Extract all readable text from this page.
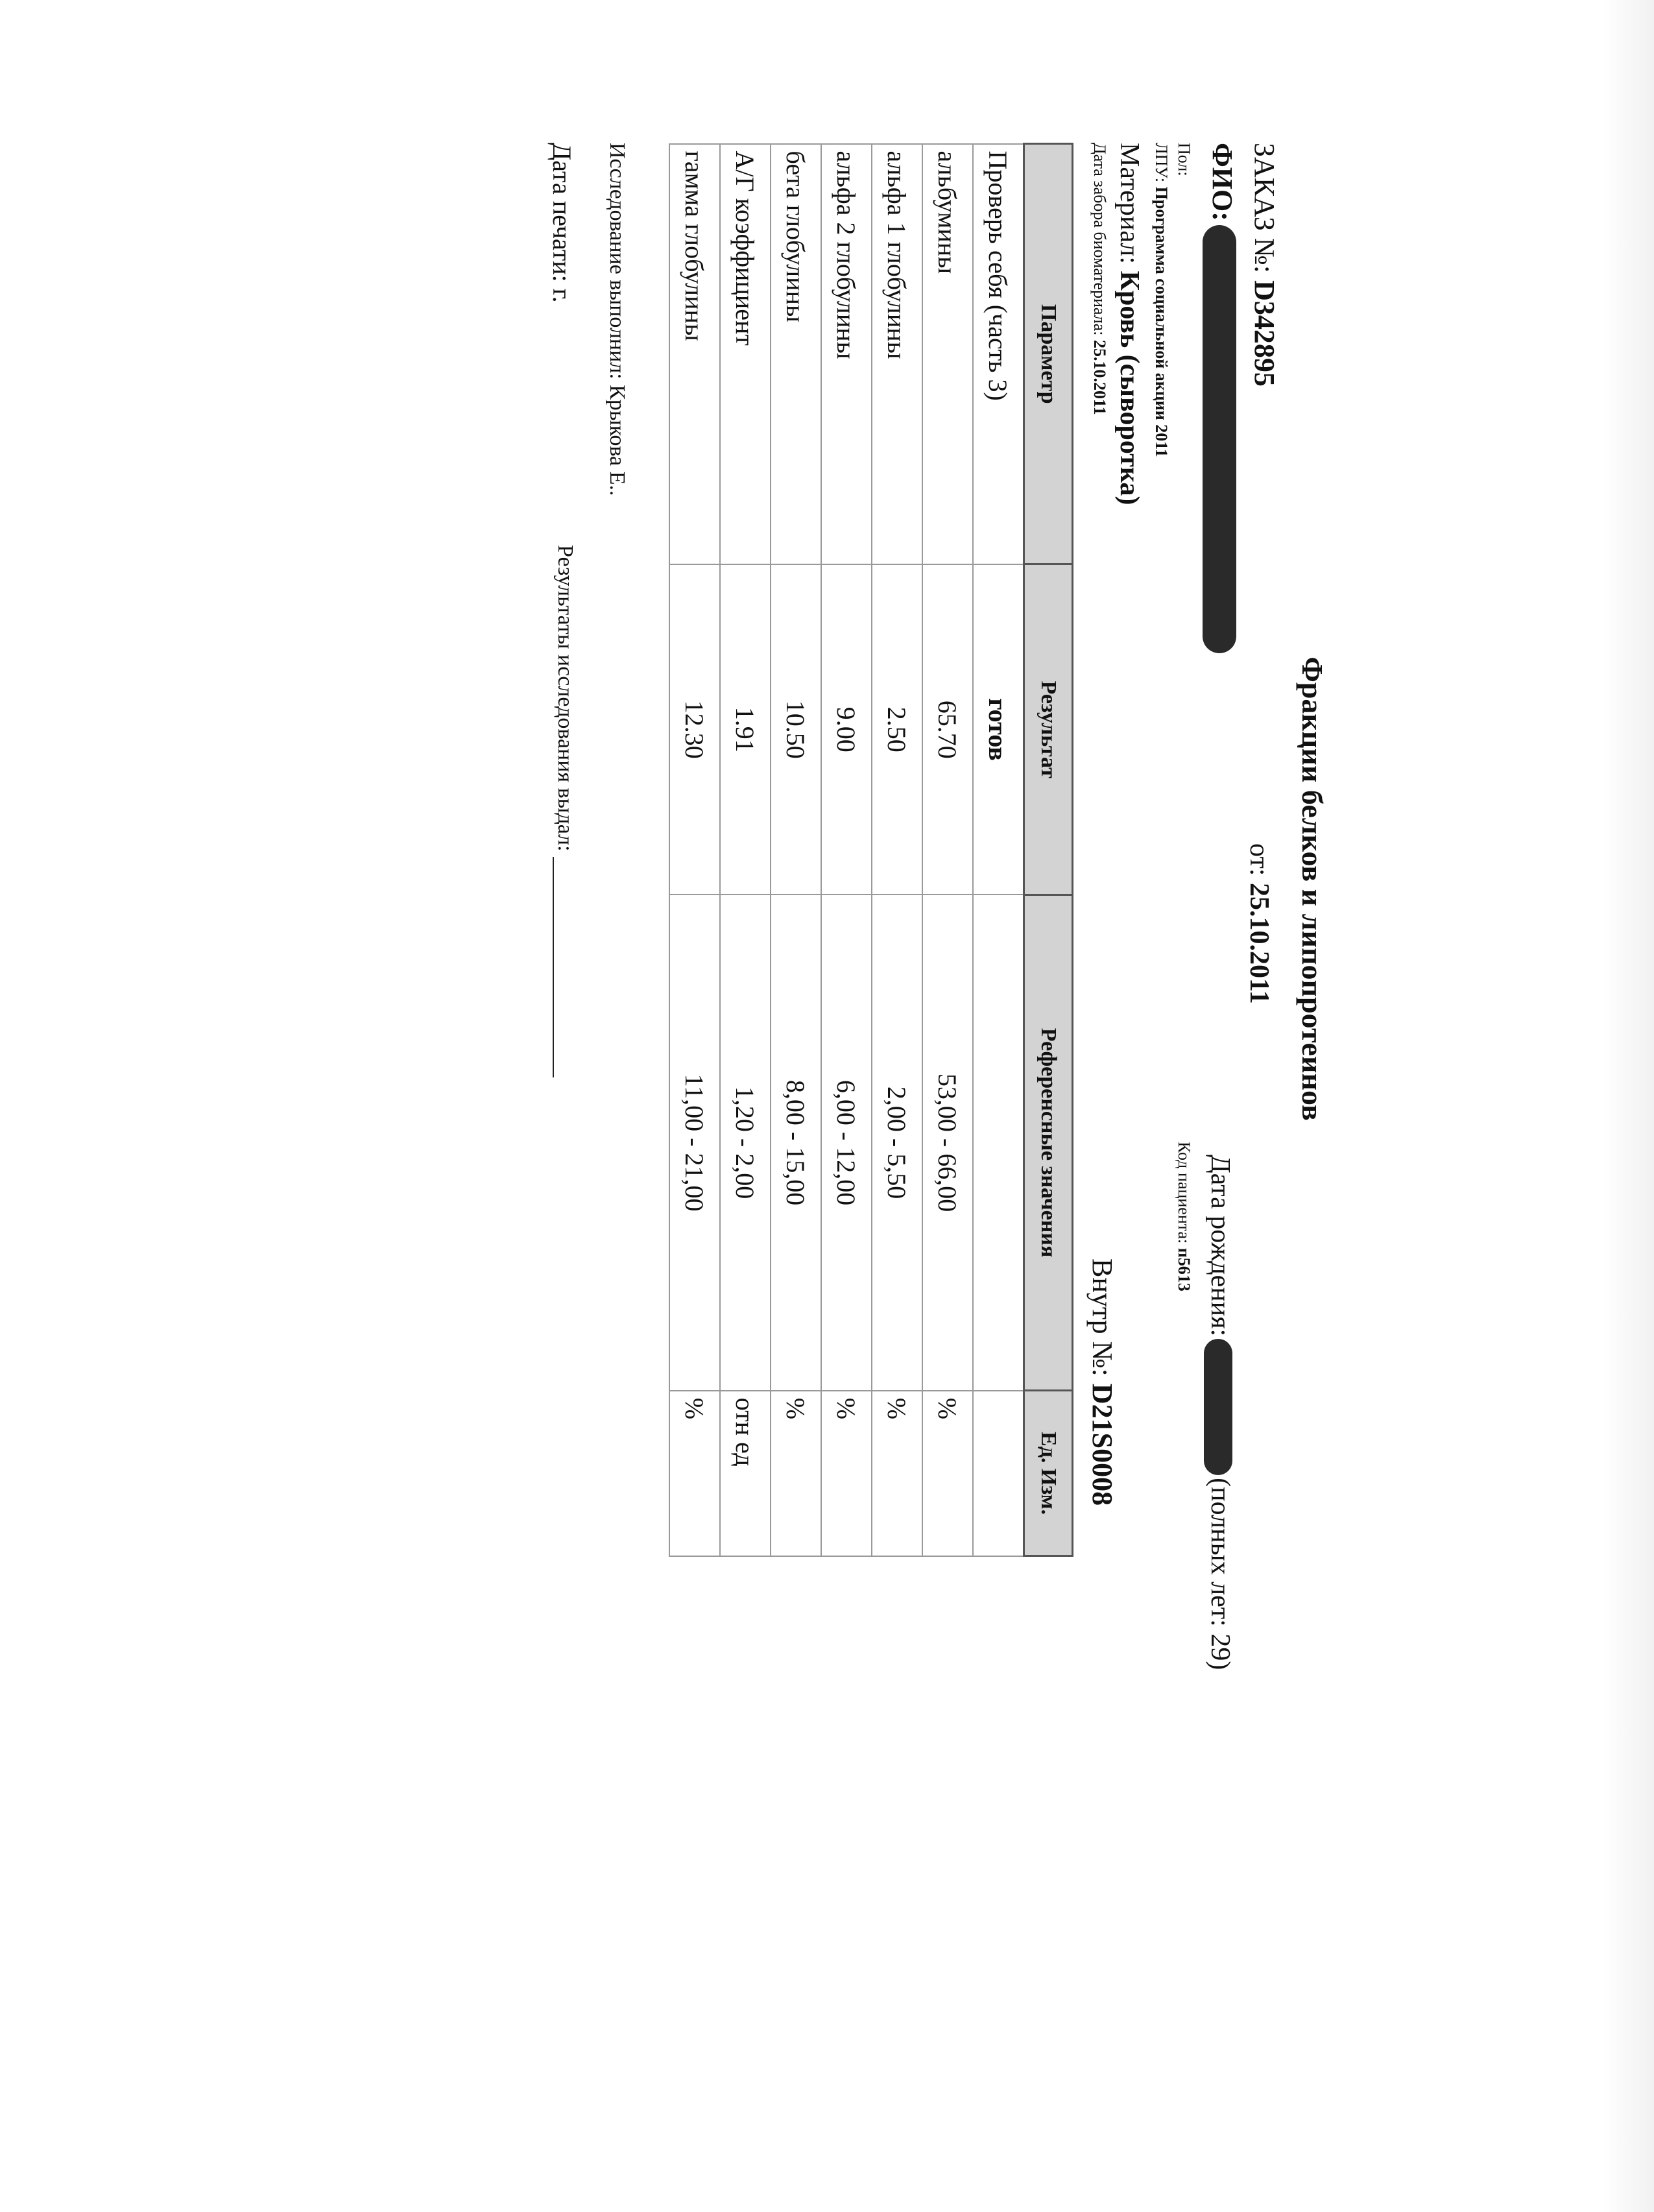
Фракции белков и липопротеинов
ЗАКАЗ №: D342895
от: 25.10.2011
ФИО:
Дата рождения:(полных лет: 29)
Пол:
Код пациента: п5613
ЛПУ: Программа социальной акции 2011
Материал: Кровь (сыворотка)
Дата забора биоматериала: 25.10.2011
Внутр №: D21S0008
Параметр	Результат	Референсные значения	Ед. Изм.
Проверь себя (часть 3)	готов		
альбумины	65.70	53,00 - 66,00	%
альфа 1 глобулины	2.50	2,00 - 5,50	%
альфа 2 глобулины	9.00	6,00 - 12,00	%
бета глобулины	10.50	8,00 - 15,00	%
А/Г коэффициент	1.91	1,20 - 2,00	отн ед
гамма глобулины	12.30	11,00 - 21,00	%
Исследование выполнил: Крыкова Е..
Дата печати: г.
Результаты исследования выдал:
